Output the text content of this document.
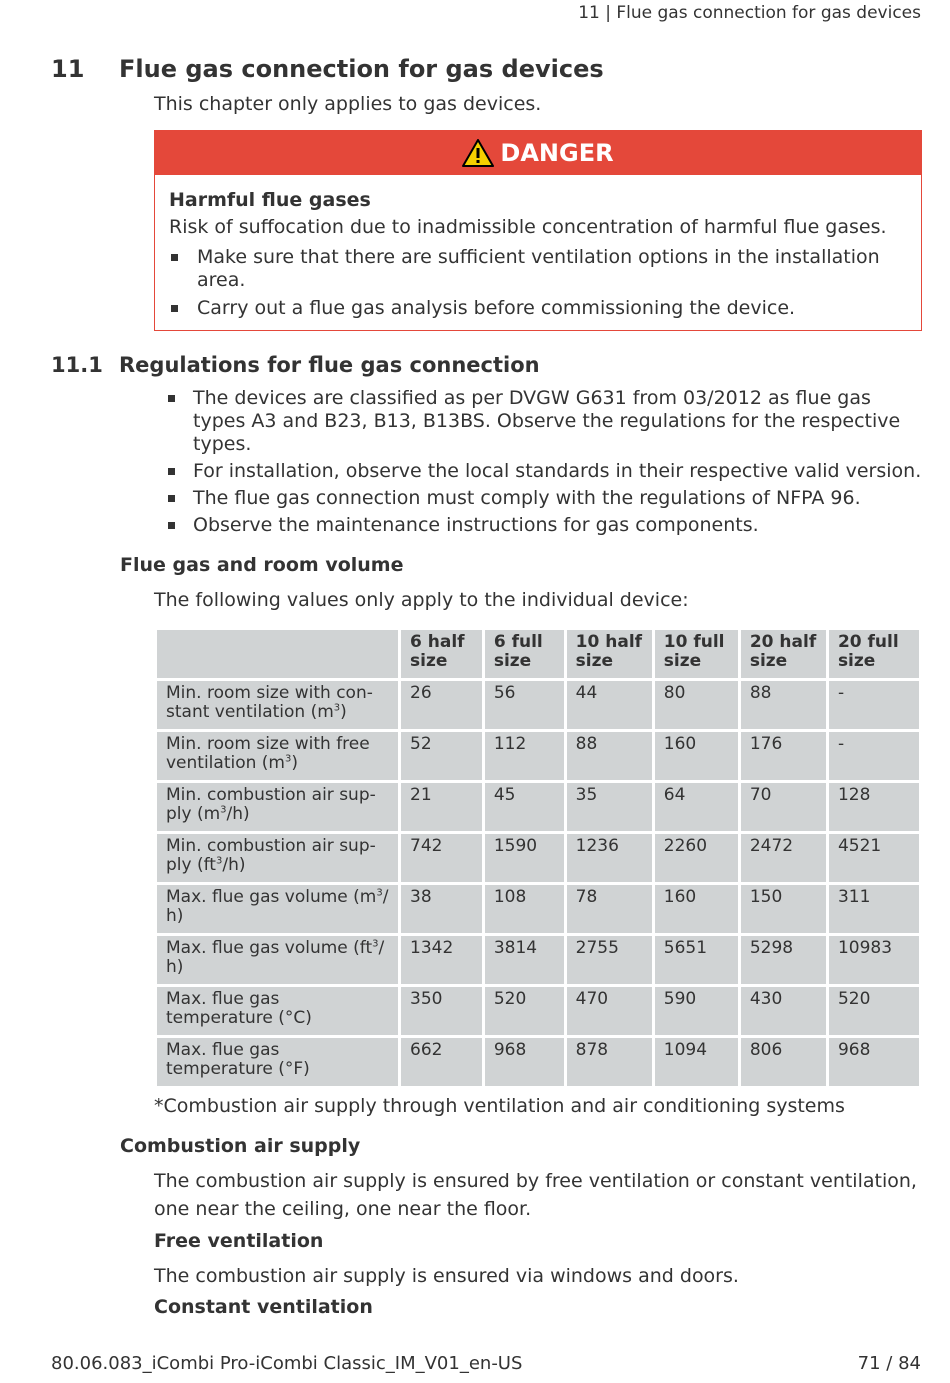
11 | Flue gas connection for gas devices
11 Flue gas connection for gas devices
This chapter only applies to gas devices.
DANGER
Harmful flue gases
Risk of suffocation due to inadmissible concentration of harmful flue gases.
Make sure that there are sufficient ventilation options in the installation area.
Carry out a flue gas analysis before commissioning the device.
11.1 Regulations for flue gas connection
The devices are classified as per DVGW G631 from 03/2012 as flue gas types A3 and B23, B13, B13BS. Observe the regulations for the respective types.
For installation, observe the local standards in their respective valid version.
The flue gas connection must comply with the regulations of NFPA 96.
Observe the maintenance instructions for gas components.
Flue gas and room volume
The following values only apply to the individual device:
	6 half size	6 full size	10 half size	10 full size	20 half size	20 full size
Min. room size with con-stant ventilation $(m^3)$	26	56	44	80	88	-
Min. room size with free ventilation $(m^3)$	52	112	88	160	176	-
Min. combustion air sup-ply $(m^3/h)$	21	45	35	64	70	128
Min. combustion air sup-ply $(ft^3/h)$	742	1590	1236	2260	2472	4521
Max. flue gas volume ($m^3/$ h)	38	108	78	160	150	311
Max. flue gas volume ($ft^3/$ h)	1342	3814	2755	5651	5298	10983
Max. flue gas temperature (°C)	350	520	470	590	430	520
Max. flue gas temperature (°F)	662	968	878	1094	806	968
*Combustion air supply through ventilation and air conditioning systems
Combustion air supply
The combustion air supply is ensured by free ventilation or constant ventilation, one near the ceiling, one near the floor.
Free ventilation
The combustion air supply is ensured via windows and doors.
Constant ventilation
80.06.083_iCombi Pro-iCombi Classic_IM_V01_en-US	71 / 84
